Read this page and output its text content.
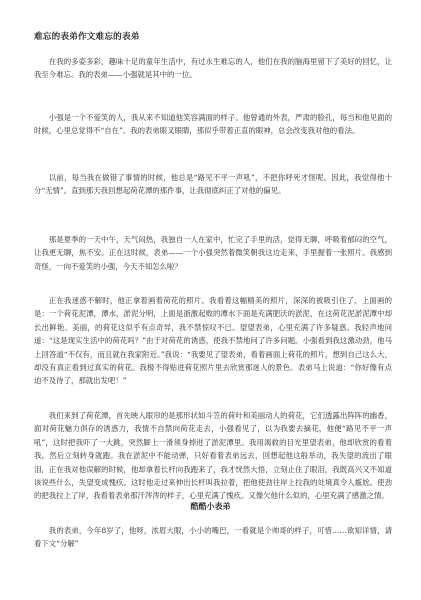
难忘的表弟作文难忘的表弟

在我的多姿多彩，趣味十足的童年生活中，有过永生难忘的人，他们在我的脑海里留下了美好的回忆，让我至今难忘。我的表弟——小强就是其中的一位。

小强是一个不爱笑的人，我从来不知道他笑容满面的样子。他曾通的外表，严肃的脸孔，每当和他见面的时候，心里总觉得不“自在”。我的表弟眼叉眼睛，那似乎带着正直的眼神，总会改变我对他的看法。

以前，每当我在做错了事情的时候，他总是“路见不平一声吼”，不把你呼死才怪呢。因此，我觉得他十分“无情”。直到那天我回想起荷花潭的那件事，让我彻底纠正了对他的偏见。

那是夏季的一天中午，天气闷热，我独自一人在家中，忙完了手里的活，觉得无聊，呼吸着郁闷的空气，让我更无聊，焦不安。正在这时候，表弟——一个小强突然着微笑朝我这边走来，手里握着一张照片。我感到奇怪，一向不爱笑的小强，今天不知怎么啦？

正在我迷惑不解时，他正拿着画着荷花的照片。我看着这幅精美的照片，深深的被吸引住了。上面画的是：一个荷花泥潭，潭水，淤泥分明，上面是浙激起败的潭水下面是充满肥沃的淤泥，在这荷花泥淤泥潭中却长出鲜艳、美丽，的荷花这似乎有点奇异，我不禁惊叹不已。望望表弟，心里充满了许多疑惑。我轻声地问道：“这是现实生活中的荷花吗？”由于对荷花的诱惑，使我不禁地问了许多问题。小强看到我这激动劲，他马上回答道“不仅有，而且就在我家附近。”我说：“我要见了望表弟，看着画面上荷花的照片，想到自己这么大，却没有真正看到过真实的荷花。我极不得贴进荷花照片里去欣赏那迷人的景色。表弟马上说道：“你好像有点迫不及待了，那就出发吧！”

我们来到了荷花潭，首先映入眼帘的是那形状如斗笠的荷叶和美丽动人的荷花，它们透露出阵阵的幽香，面对荷花魅力俱存的诱惑力，我情不自禁向荷花走去，小强看见了，以为我要去摘花，他便“路见不平一声吼”，这时把我吓了一大跳，突然脚上一滑须身掉进了淤泥潭里。我用渴救的目光里望表弟，他却欣赏的看着我，然后立刻转身就跑。我在淤泥中不能动弹，只好看着表弟远去，回想起他这般举动，我失望的流出了眼泪，正在我对他误解的时候，他却拿着长杆向我跑来了，我才恍然大悟，立刻止住了眼泪，我既高兴又不知道该说些什么，失望变成愧疚。这时他走过来伸出长杆叫我拉着，把他使劲往岸上拉我的处境真令人尴尬。使劲的把我拉上了岸，我看着表弟那汗涔涔的样子，心里充满了愧疚。又像欠他什么似的，心里充满了感激之情。

酷酷小表弟

我的表弟，今年8岁了，他呀，浓眉大眼，小小的嘴巴，一看就是个帅哥的样子，可惜……欲知详情，请看下文“分解”
